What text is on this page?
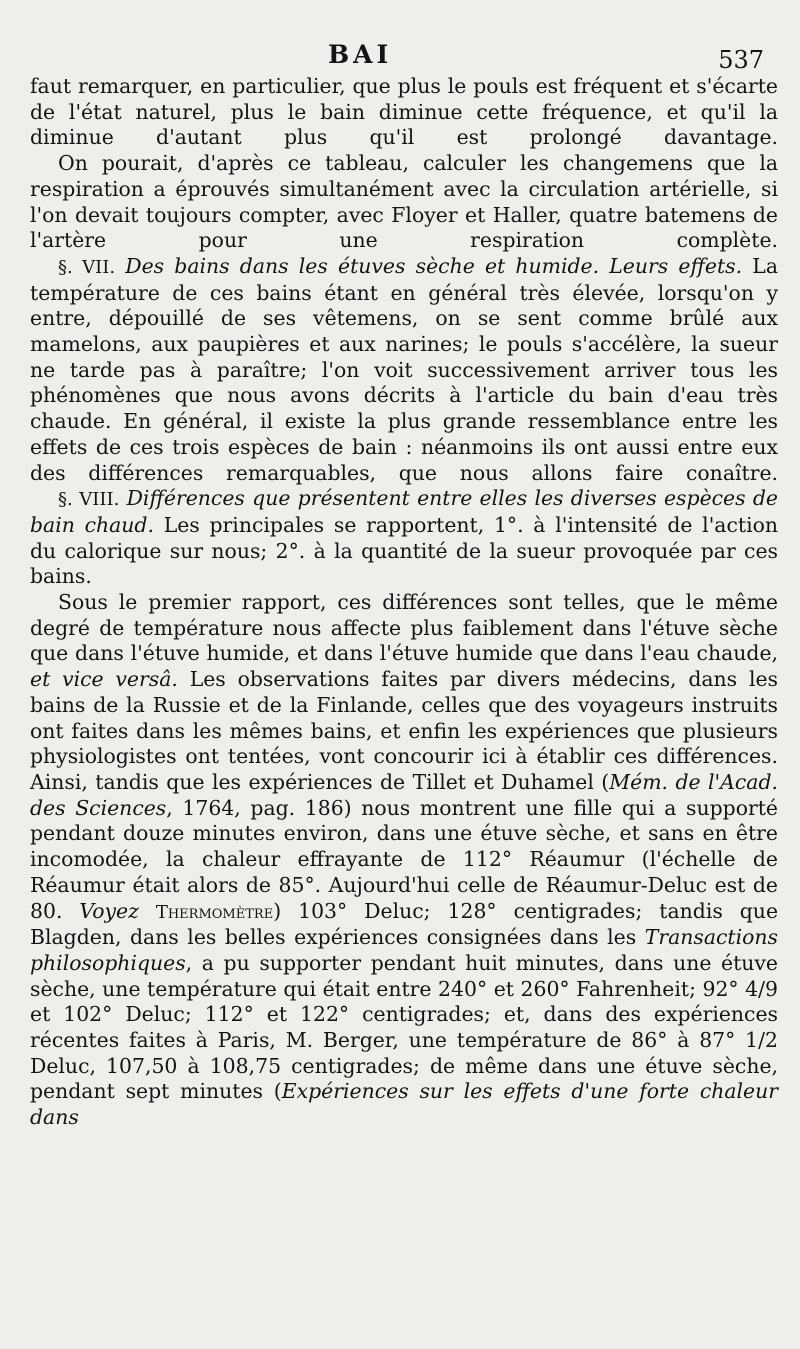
BAI	537

faut remarquer, en particulier, que plus le pouls est fréquent et s'écarte de l'état naturel, plus le bain diminue cette fréquence, et qu'il la diminue d'autant plus qu'il est prolongé davantage.

On pourait, d'après ce tableau, calculer les changemens que la respiration a éprouvés simultanément avec la circulation artérielle, si l'on devait toujours compter, avec Floyer et Haller, quatre batemens de l'artère pour une respiration complète.

§. VII. Des bains dans les étuves sèche et humide. Leurs effets. La température de ces bains étant en général très élevée, lorsqu'on y entre, dépouillé de ses vêtemens, on se sent comme brûlé aux mamelons, aux paupières et aux narines; le pouls s'accélère, la sueur ne tarde pas à paraître; l'on voit successivement arriver tous les phénomènes que nous avons décrits à l'article du bain d'eau très chaude. En général, il existe la plus grande ressemblance entre les effets de ces trois espèces de bain : néanmoins ils ont aussi entre eux des différences remarquables, que nous allons faire conaître.

§. VIII. Différences que présentent entre elles les diverses espèces de bain chaud. Les principales se rapportent, 1°. à l'intensité de l'action du calorique sur nous; 2°. à la quantité de la sueur provoquée par ces bains.

Sous le premier rapport, ces différences sont telles, que le même degré de température nous affecte plus faiblement dans l'étuve sèche que dans l'étuve humide, et dans l'étuve humide que dans l'eau chaude, et vice versâ. Les observations faites par divers médecins, dans les bains de la Russie et de la Finlande, celles que des voyageurs instruits ont faites dans les mêmes bains, et enfin les expériences que plusieurs physiologistes ont tentées, vont concourir ici à établir ces différences. Ainsi, tandis que les expériences de Tillet et Duhamel (Mém. de l'Acad. des Sciences, 1764, pag. 186) nous montrent une fille qui a supporté pendant douze minutes environ, dans une étuve sèche, et sans en être incomodée, la chaleur effrayante de 112° Réaumur (l'échelle de Réaumur était alors de 85°. Aujourd'hui celle de Réaumur-Deluc est de 80. Voyez Thermomètre) 103° Deluc; 128° centigrades; tandis que Blagden, dans les belles expériences consignées dans les Transactions philosophiques, a pu supporter pendant huit minutes, dans une étuve sèche, une température qui était entre 240° et 260° Fahrenheit; 92° 4/9 et 102° Deluc; 112° et 122° centigrades; et, dans des expériences récentes faites à Paris, M. Berger, une température de 86° à 87° 1/2 Deluc, 107,50 à 108,75 centigrades; de même dans une étuve sèche, pendant sept minutes (Expériences sur les effets d'une forte chaleur dans
